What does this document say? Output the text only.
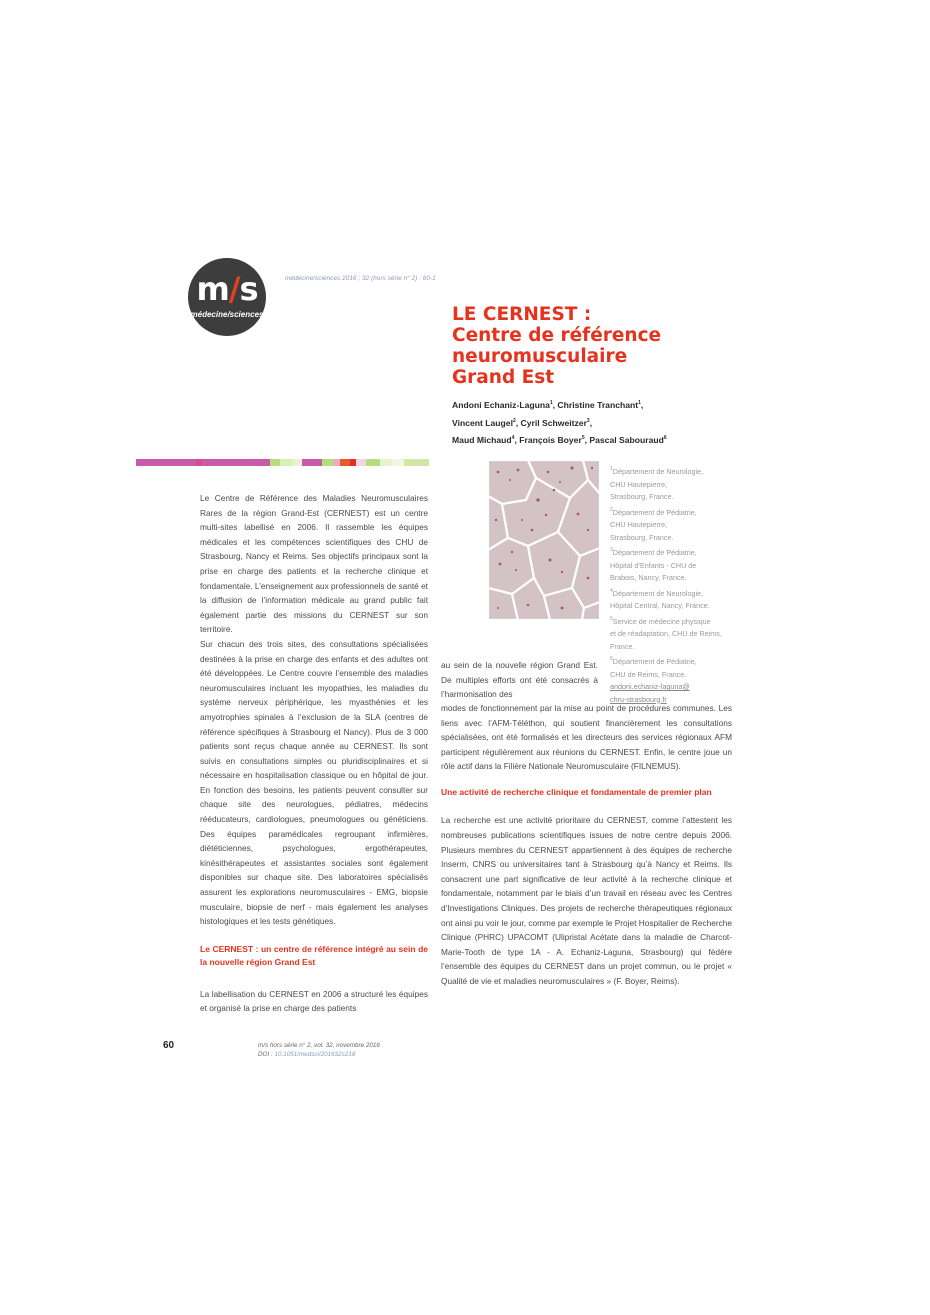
m/s
médecine/sciences
médecine/sciences 2016 ; 32 (hors série n° 2) : 60-1
LE CERNEST :
Centre de référence
neuromusculaire
Grand Est
Andoni Echaniz-Laguna$^1$, Christine Tranchant$^1$,
Vincent Laugel$^2$, Cyril Schweitzer$^3$,
Maud Michaud$^4$, François Boyer$^5$, Pascal Sabouraud$^6$

Le Centre de Référence des Maladies Neuromusculaires Rares de la région Grand-Est (CERNEST) est un centre multi-sites labellisé en 2006. Il rassemble les équipes médicales et les compétences scientifiques des CHU de Strasbourg, Nancy et Reims. Ses objectifs principaux sont la prise en charge des patients et la recherche clinique et fondamentale. L’enseignement aux professionnels de santé et la diffusion de l’information médicale au grand public fait également partie des missions du CERNEST sur son territoire.

Sur chacun des trois sites, des consultations spécialisées destinées à la prise en charge des enfants et des adultes ont été développées. Le Centre couvre l’ensemble des maladies neuromusculaires incluant les myopathies, les maladies du système nerveux périphérique, les myasthénies et les amyotrophies spinales à l’exclusion de la SLA (centres de référence spécifiques à Strasbourg et Nancy). Plus de 3 000 patients sont reçus chaque année au CERNEST. Ils sont suivis en consultations simples ou pluridisciplinaires et si nécessaire en hospitalisation classique ou en hôpital de jour. En fonction des besoins, les patients peuvent consulter sur chaque site des neurologues, pédiatres, médecins rééducateurs, cardiologues, pneumologues ou généticiens. Des équipes paramédicales regroupant infirmières, diététiciennes, psychologues, ergothérapeutes, kinésithérapeutes et assistantes sociales sont également disponibles sur chaque site. Des laboratoires spécialisés assurent les explorations neuromusculaires - EMG, biopsie musculaire, biopsie de nerf - mais également les analyses histologiques et les tests génétiques.

Le CERNEST : un centre de référence intégré au sein de la nouvelle région Grand Est

La labellisation du CERNEST en 2006 a structuré les équipes et organisé la prise en charge des patients

$^1$Département de Neurologie,
CHU Hautepierre,
Strasbourg, France.
$^2$Département de Pédiatrie,
CHU Hautepierre,
Strasbourg, France.
$^3$Département de Pédiatrie,
Hôpital d’Enfants - CHU de
Brabois, Nancy, France.
$^4$Département de Neurologie,
Hôpital Central, Nancy, France.
$^5$Service de médecine physique
et de réadaptation, CHU de Reims,
France.
$^6$Département de Pédiatrie,
CHU de Reims, France.
andoni.echaniz-laguna@
chru-strasbourg.fr
au sein de la nouvelle région Grand Est. De multiples efforts ont été consacrés à l’harmonisation des

modes de fonctionnement par la mise au point de procédures communes. Les liens avec l’AFM-Téléthon, qui soutient financièrement les consultations spécialisées, ont été formalisés et les directeurs des services régionaux AFM participent régulièrement aux réunions du CERNEST. Enfin, le centre joue un rôle actif dans la Filière Nationale Neuromusculaire (FILNEMUS).

Une activité de recherche clinique et fondamentale de premier plan

La recherche est une activité prioritaire du CERNEST, comme l’attestent les nombreuses publications scientifiques issues de notre centre depuis 2006. Plusieurs membres du CERNEST appartiennent à des équipes de recherche Inserm, CNRS ou universitaires tant à Strasbourg qu’à Nancy et Reims. Ils consacrent une part significative de leur activité à la recherche clinique et fondamentale, notamment par le biais d’un travail en réseau avec les Centres d’Investigations Cliniques. Des projets de recherche thérapeutiques régionaux ont ainsi pu voir le jour, comme par exemple le Projet Hospitalier de Recherche Clinique (PHRC) UPACOMT (Ulipristal Acétate dans la maladie de Charcot-Marie-Tooth de type 1A - A. Echaniz-Laguna, Strasbourg) qui fédère l’ensemble des équipes du CERNEST dans un projet commun, ou le projet « Qualité de vie et maladies neuromusculaires » (F. Boyer, Reims).

60	m/s hors série n° 2, vol. 32, novembre 2016
DOI : 10.1051/medsci/201632s218
